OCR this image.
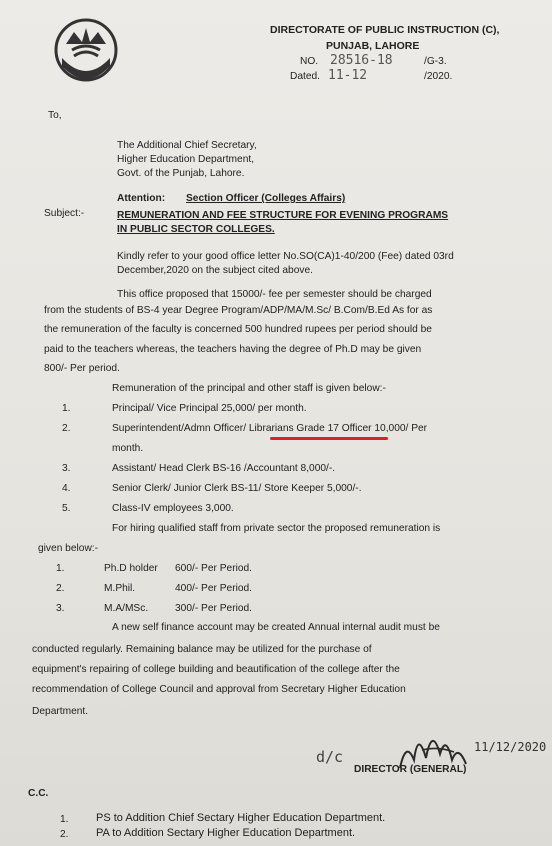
DIRECTORATE OF PUBLIC INSTRUCTION (C),
PUNJAB, LAHORE
NO. 28516-18	/G-3.
Dated. 11-12	/2020.
To,
The Additional Chief Secretary,
Higher Education Department,
Govt. of the Punjab, Lahore.
Attention: Section Officer (Colleges Affairs)
Subject:-	REMUNERATION AND FEE STRUCTURE FOR EVENING PROGRAMS
IN PUBLIC SECTOR COLLEGES.
Kindly refer to your good office letter No.SO(CA)1-40/200 (Fee) dated 03rd
December,2020 on the subject cited above.
This office proposed that 15000/- fee per semester should be charged
from the students of BS-4 year Degree Program/ADP/MA/M.Sc/ B.Com/B.Ed As for as
the remuneration of the faculty is concerned 500 hundred rupees per period should be
paid to the teachers whereas, the teachers having the degree of Ph.D may be given
800/- Per period.
Remuneration of the principal and other staff is given below:-
1.	Principal/ Vice Principal 25,000/ per month.
2.	Superintendent/Admn Officer/ Librarians Grade 17 Officer 10,000/ Per
month.
3.	Assistant/ Head Clerk BS-16 /Accountant 8,000/-.
4.	Senior Clerk/ Junior Clerk BS-11/ Store Keeper 5,000/-.
5.	Class-IV employees 3,000.
For hiring qualified staff from private sector the proposed remuneration is
given below:-
1.	Ph.D holder 600/- Per Period.
2.	M.Phil.	400/- Per Period.
3.	M.A/MSc.	300/- Per Period.
A new self finance account may be created Annual internal audit must be
conducted regularly. Remaining balance may be utilized for the purchase of
equipment's repairing of college building and beautification of the college after the
recommendation of College Council and approval from Secretary Higher Education
Department.
d/c
11/12/2020
DIRECTOR (GENERAL)
C.C.
1.	PS to Addition Chief Sectary Higher Education Department.
2.	PA to Addition Sectary Higher Education Department.
